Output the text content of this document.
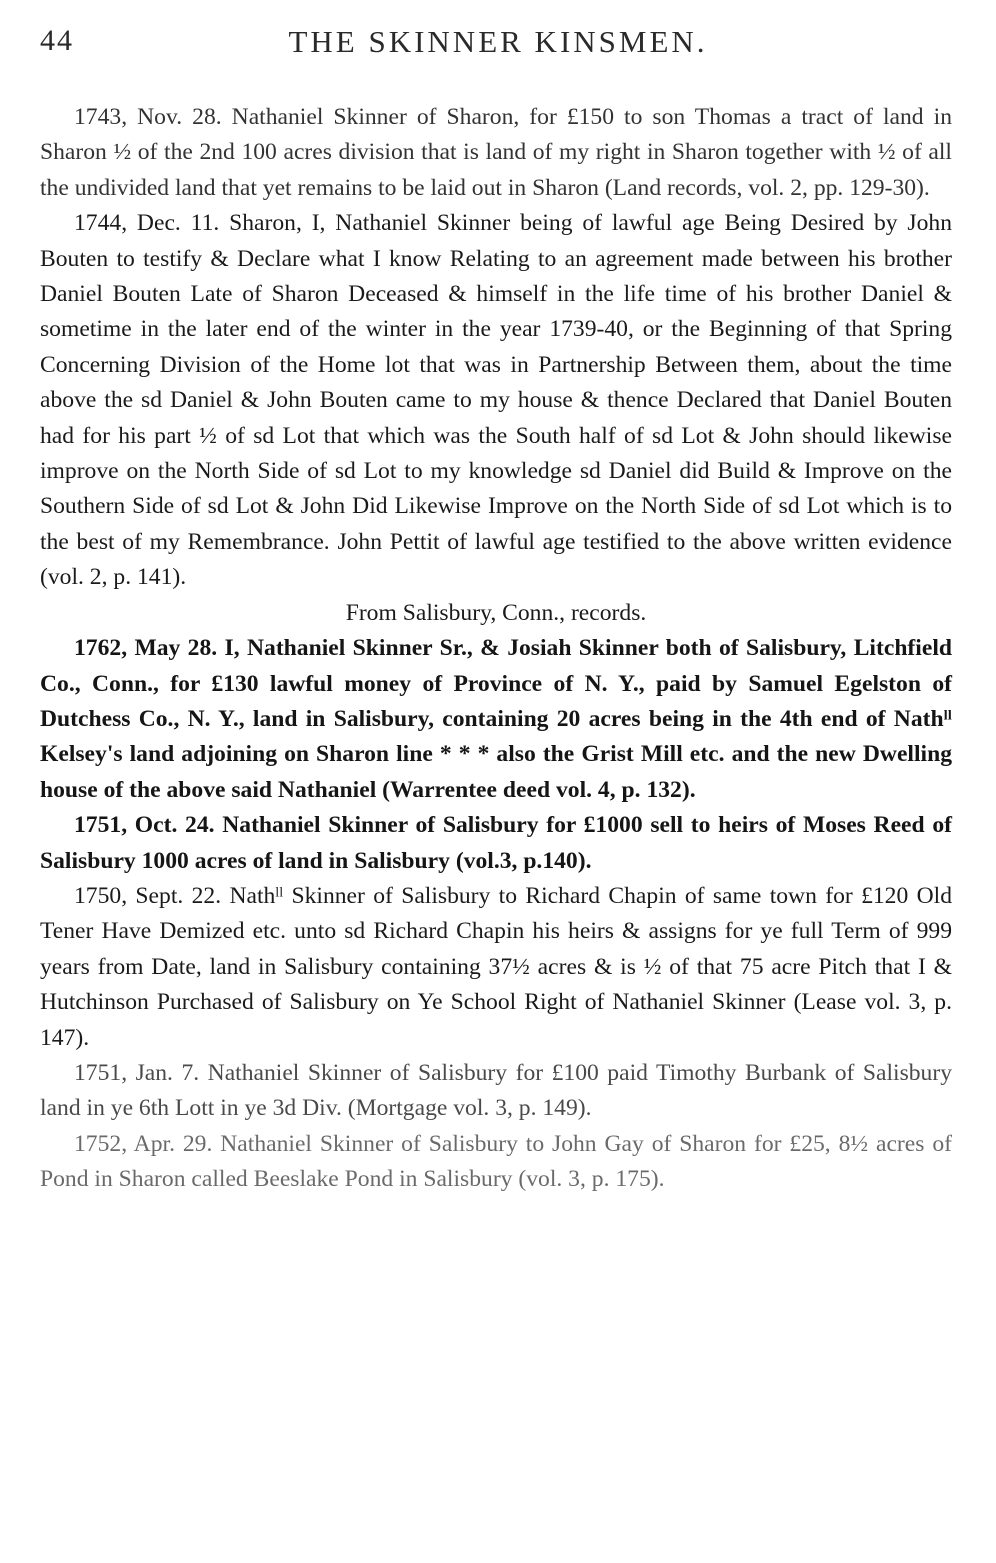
44	THE SKINNER KINSMEN.

1743, Nov. 28. Nathaniel Skinner of Sharon, for £150 to son Thomas a tract of land in Sharon ½ of the 2nd 100 acres division that is land of my right in Sharon together with ½ of all the undivided land that yet remains to be laid out in Sharon (Land records, vol. 2, pp. 129-30).

1744, Dec. 11. Sharon, I, Nathaniel Skinner being of lawful age Being Desired by John Bouten to testify & Declare what I know Relating to an agreement made between his brother Daniel Bouten Late of Sharon Deceased & himself in the life time of his brother Daniel & sometime in the later end of the winter in the year 1739-40, or the Beginning of that Spring Concerning Division of the Home lot that was in Partnership Between them, about the time above the sd Daniel & John Bouten came to my house & thence Declared that Daniel Bouten had for his part ½ of sd Lot that which was the South half of sd Lot & John should likewise improve on the North Side of sd Lot to my knowledge sd Daniel did Build & Improve on the Southern Side of sd Lot & John Did Likewise Improve on the North Side of sd Lot which is to the best of my Remembrance. John Pettit of lawful age testified to the above written evidence (vol. 2, p. 141).

From Salisbury, Conn., records.

1762, May 28. I, Nathaniel Skinner Sr., & Josiah Skinner both of Salisbury, Litchfield Co., Conn., for £130 lawful money of Province of N. Y., paid by Samuel Egelston of Dutchess Co., N. Y., land in Salisbury, containing 20 acres being in the 4th end of Nathˡˡ Kelsey's land adjoining on Sharon line * * * also the Grist Mill etc. and the new Dwelling house of the above said Nathaniel (Warrentee deed vol. 4, p. 132).

1751, Oct. 24. Nathaniel Skinner of Salisbury for £1000 sell to heirs of Moses Reed of Salisbury 1000 acres of land in Salisbury (vol.3, p.140).

1750, Sept. 22. Nathˡˡ Skinner of Salisbury to Richard Chapin of same town for £120 Old Tener Have Demized etc. unto sd Richard Chapin his heirs & assigns for ye full Term of 999 years from Date, land in Salisbury containing 37½ acres & is ½ of that 75 acre Pitch that I & Hutchinson Purchased of Salisbury on Ye School Right of Nathaniel Skinner (Lease vol. 3, p. 147).

1751, Jan. 7. Nathaniel Skinner of Salisbury for £100 paid Timothy Burbank of Salisbury land in ye 6th Lott in ye 3d Div. (Mortgage vol. 3, p. 149).

1752, Apr. 29. Nathaniel Skinner of Salisbury to John Gay of Sharon for £25, 8½ acres of Pond in Sharon called Beeslake Pond in Salisbury (vol. 3, p. 175).
